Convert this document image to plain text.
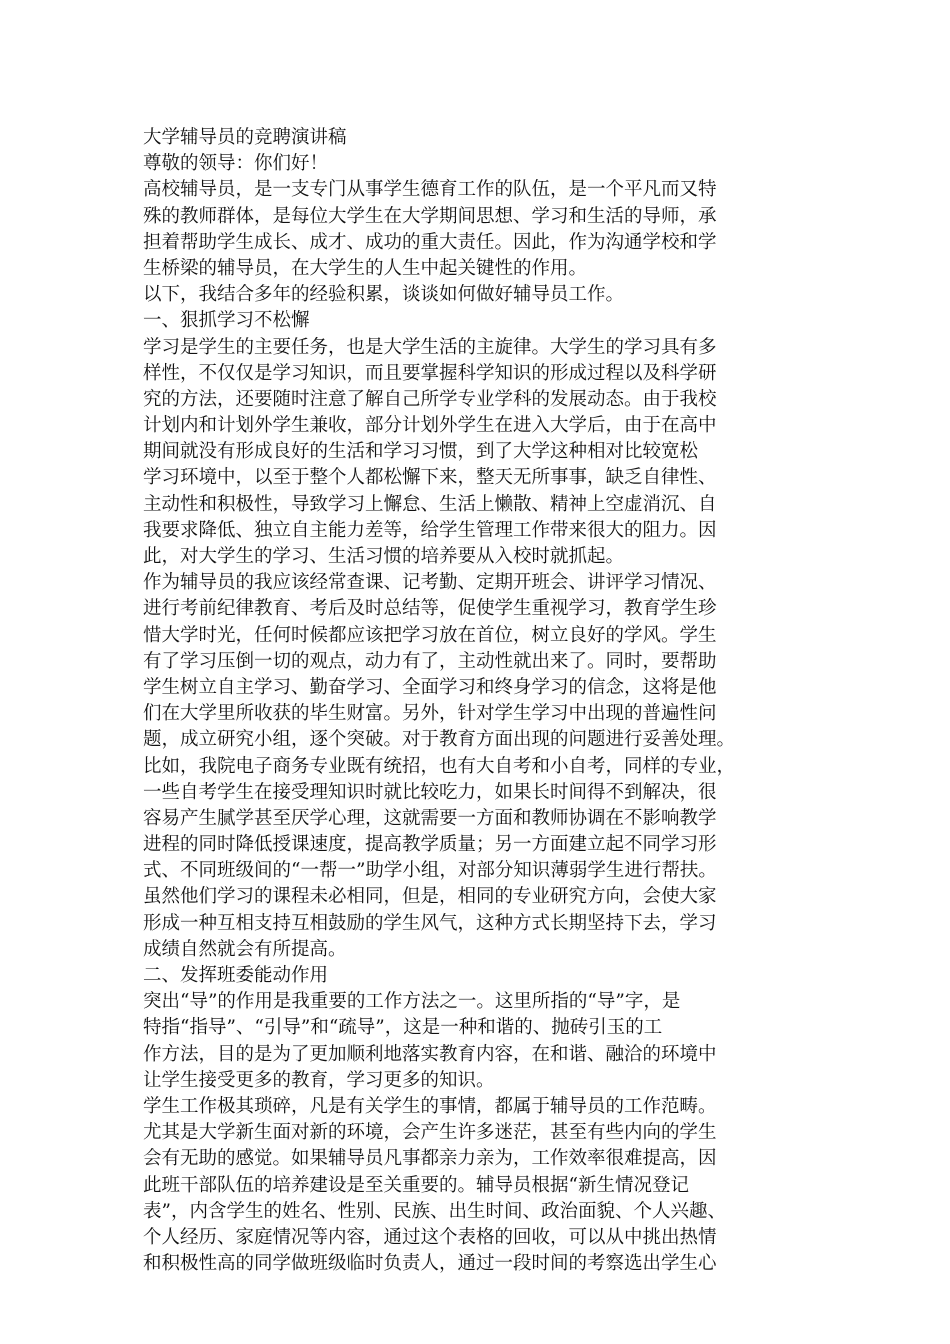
大学辅导员的竞聘演讲稿
尊敬的领导：你们好！
高校辅导员，是一支专门从事学生德育工作的队伍，是一个平凡而又特
殊的教师群体，是每位大学生在大学期间思想、学习和生活的导师，承
担着帮助学生成长、成才、成功的重大责任。因此，作为沟通学校和学
生桥梁的辅导员，在大学生的人生中起关键性的作用。
以下，我结合多年的经验积累，谈谈如何做好辅导员工作。
一、狠抓学习不松懈
学习是学生的主要任务，也是大学生活的主旋律。大学生的学习具有多
样性，不仅仅是学习知识，而且要掌握科学知识的形成过程以及科学研
究的方法，还要随时注意了解自己所学专业学科的发展动态。由于我校
计划内和计划外学生兼收，部分计划外学生在进入大学后，由于在高中
期间就没有形成良好的生活和学习习惯，到了大学这种相对比较宽松
学习环境中，以至于整个人都松懈下来，整天无所事事，缺乏自律性、
主动性和积极性，导致学习上懈怠、生活上懒散、精神上空虚消沉、自
我要求降低、独立自主能力差等，给学生管理工作带来很大的阻力。因
此，对大学生的学习、生活习惯的培养要从入校时就抓起。
作为辅导员的我应该经常查课、记考勤、定期开班会、讲评学习情况、
进行考前纪律教育、考后及时总结等，促使学生重视学习，教育学生珍
惜大学时光，任何时候都应该把学习放在首位，树立良好的学风。学生
有了学习压倒一切的观点，动力有了，主动性就出来了。同时，要帮助
学生树立自主学习、勤奋学习、全面学习和终身学习的信念，这将是他
们在大学里所收获的毕生财富。另外，针对学生学习中出现的普遍性问
题，成立研究小组，逐个突破。对于教育方面出现的问题进行妥善处理。
比如，我院电子商务专业既有统招，也有大自考和小自考，同样的专业，
一些自考学生在接受理知识时就比较吃力，如果长时间得不到解决，很
容易产生腻学甚至厌学心理，这就需要一方面和教师协调在不影响教学
进程的同时降低授课速度，提高教学质量；另一方面建立起不同学习形
式、不同班级间的“一帮一”助学小组，对部分知识薄弱学生进行帮扶。
虽然他们学习的课程未必相同，但是，相同的专业研究方向，会使大家
形成一种互相支持互相鼓励的学生风气，这种方式长期坚持下去，学习
成绩自然就会有所提高。
二、发挥班委能动作用
突出“导”的作用是我重要的工作方法之一。这里所指的“导”字，是
特指“指导”、“引导”和“疏导”，这是一种和谐的、抛砖引玉的工
作方法，目的是为了更加顺利地落实教育内容，在和谐、融洽的环境中
让学生接受更多的教育，学习更多的知识。
学生工作极其琐碎，凡是有关学生的事情，都属于辅导员的工作范畴。
尤其是大学新生面对新的环境，会产生许多迷茫，甚至有些内向的学生
会有无助的感觉。如果辅导员凡事都亲力亲为，工作效率很难提高，因
此班干部队伍的培养建设是至关重要的。辅导员根据“新生情况登记
表”，内含学生的姓名、性别、民族、出生时间、政治面貌、个人兴趣、
个人经历、家庭情况等内容，通过这个表格的回收，可以从中挑出热情
和积极性高的同学做班级临时负责人，通过一段时间的考察选出学生心
